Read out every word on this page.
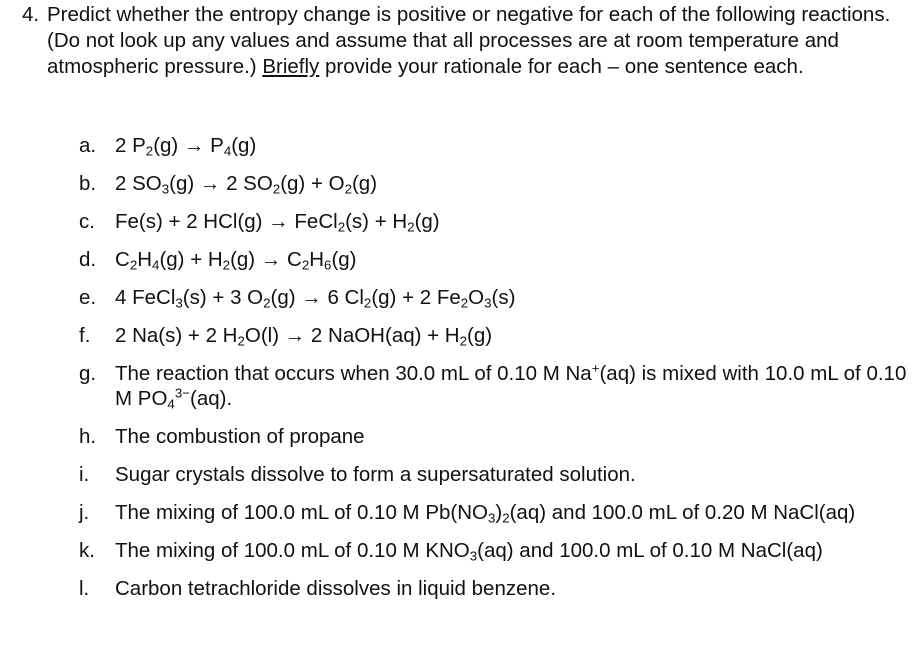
4. Predict whether the entropy change is positive or negative for each of the following reactions. (Do not look up any values and assume that all processes are at room temperature and atmospheric pressure.) Briefly provide your rationale for each – one sentence each.
a. 2 $P_2(g) \to P_4(g)$
b. 2 $SO_3(g) \to 2$ $SO_2(g) + O_2(g)$
c. Fe(s) + 2 HCl(g) → FeCl$_2$(s) + $H_2(g)$
d. $C_2H_4(g) + H_2(g) \to C_2H_6(g)$
e. 4 FeCl$_3$(s) + 3 $O_2(g) \to 6$ $Cl_2(g) + 2$ $Fe_2O_3(s)$
f. 2 Na(s) + 2 $H_2O(l) \to 2$ NaOH(aq) + $H_2(g)$
g. The reaction that occurs when 30.0 mL of 0.10 M Na+(aq) is mixed with 10.0 mL of 0.10 M $PO_4^{3-}(aq)$.
h. The combustion of propane
i. Sugar crystals dissolve to form a supersaturated solution.
j. The mixing of 100.0 mL of 0.10 M $Pb(NO_3)_2(aq)$ and 100.0 mL of 0.20 M NaCl(aq)
k. The mixing of 100.0 mL of 0.10 M $KNO_3(aq)$ and 100.0 mL of 0.10 M NaCl(aq)
l. Carbon tetrachloride dissolves in liquid benzene.
